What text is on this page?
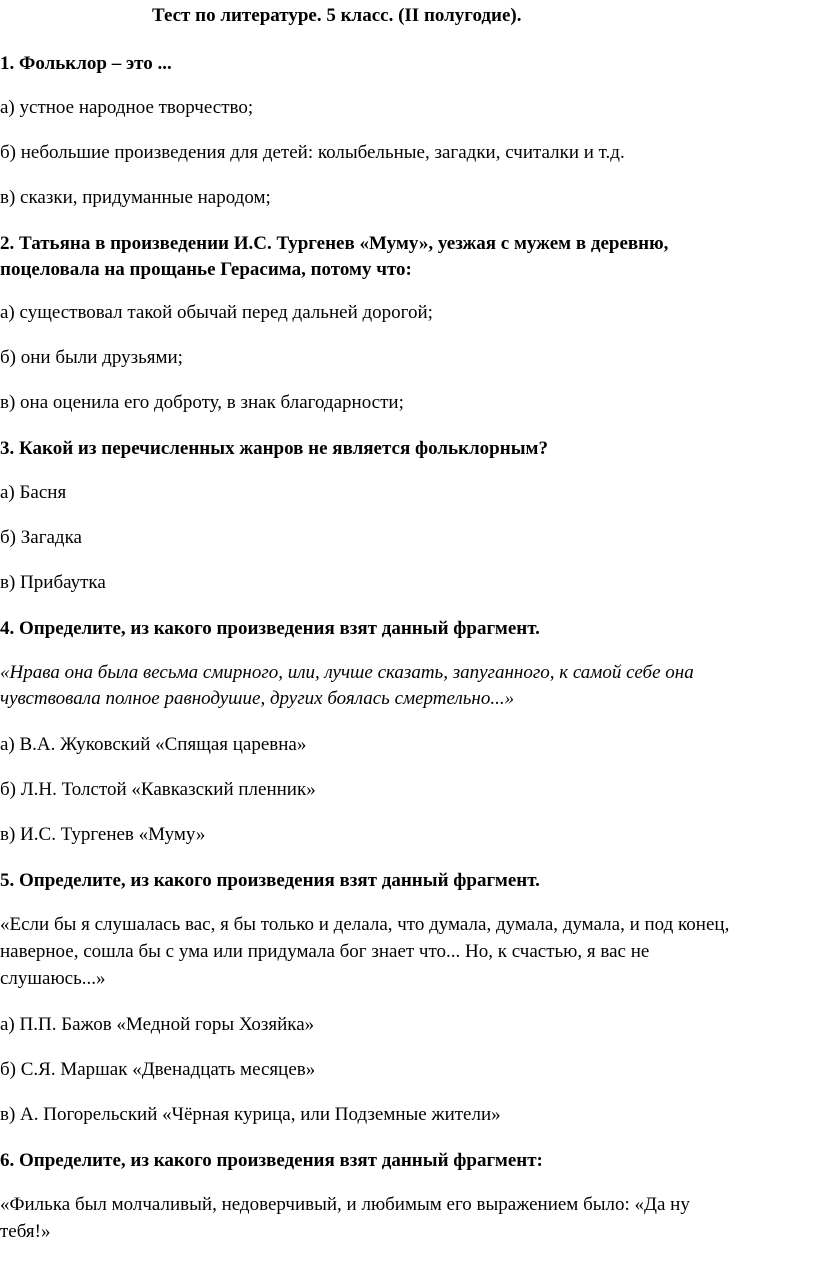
Тест по литературе. 5 класс. (II полугодие).
1. Фольклор – это ...
а) устное народное творчество;
б) небольшие произведения для детей: колыбельные, загадки, считалки и т.д.
в) сказки, придуманные народом;
2. Татьяна в произведении И.С. Тургенев «Муму», уезжая с мужем в деревню,
поцеловала на прощанье Герасима, потому что:
а) существовал такой обычай перед дальней дорогой;
б) они были друзьями;
в) она оценила его доброту, в знак благодарности;
3. Какой из перечисленных жанров не является фольклорным?
а) Басня
б) Загадка
в) Прибаутка
4. Определите, из какого произведения взят данный фрагмент.
«Нрава она была весьма смирного, или, лучше сказать, запуганного, к самой себе она
чувствовала полное равнодушие, других боялась смертельно...»
а) В.А. Жуковский «Спящая царевна»
б) Л.Н. Толстой «Кавказский пленник»
в) И.С. Тургенев «Муму»
5. Определите, из какого произведения взят данный фрагмент.
«Если бы я слушалась вас, я бы только и делала, что думала, думала, думала, и под конец,
наверное, сошла бы с ума или придумала бог знает что... Но, к счастью, я вас не
слушаюсь...»
а) П.П. Бажов «Медной горы Хозяйка»
б) С.Я. Маршак «Двенадцать месяцев»
в) А. Погорельский «Чёрная курица, или Подземные жители»
6. Определите, из какого произведения взят данный фрагмент:
«Филька был молчаливый, недоверчивый, и любимым его выражением было: «Да ну
тебя!»
